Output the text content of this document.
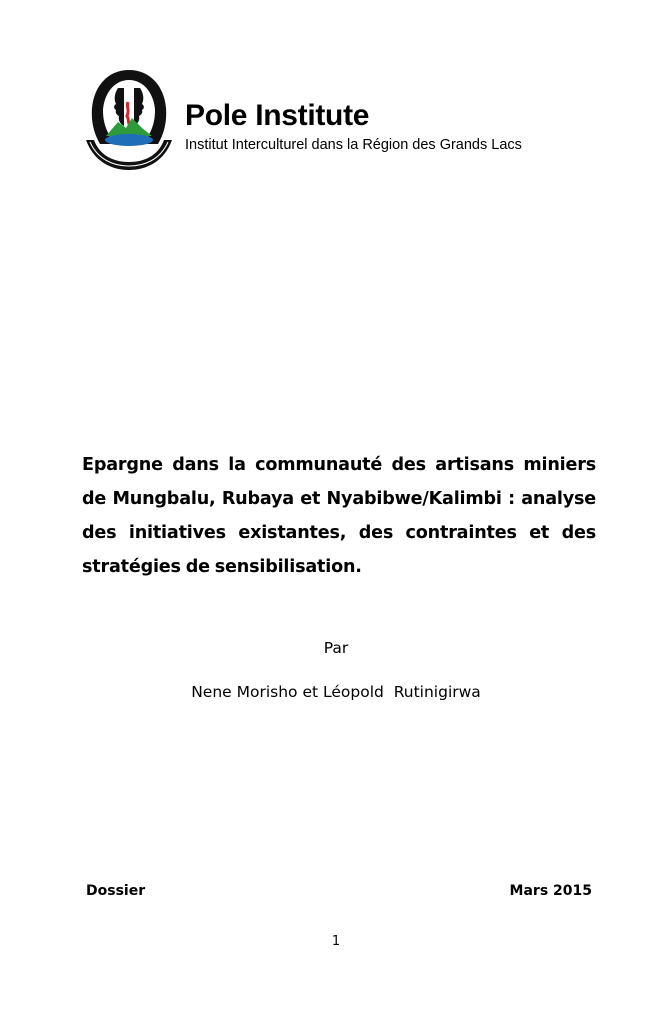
Pole Institute
Institut Interculturel dans la Région des Grands Lacs
Epargne dans la communauté des artisans miniers de Mungbalu, Rubaya et Nyabibwe/Kalimbi : analyse des initiatives existantes, des contraintes et des stratégies de sensibilisation.
Par
Nene Morisho et Léopold  Rutinigirwa
Dossier	Mars 2015
1
